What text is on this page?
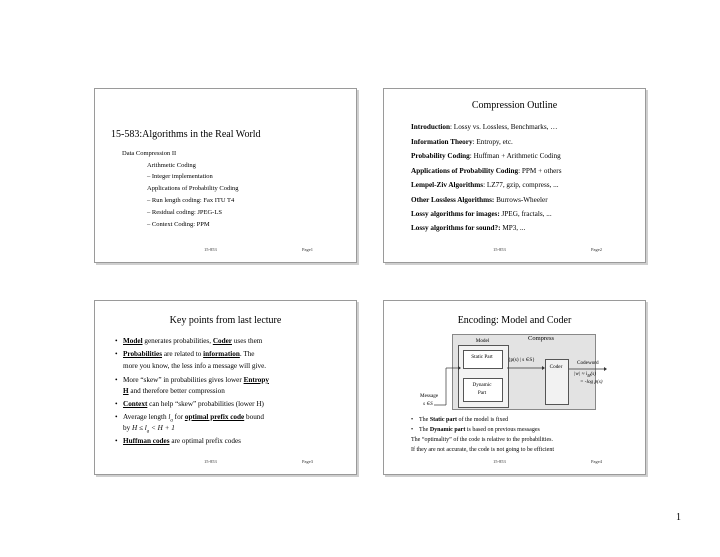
15-583:Algorithms in the Real World
Data Compression II
Arithmetic Coding
– Integer implementation
Applications of Probability Coding
– Run length coding: Fax ITU T4
– Residual coding: JPEG-LS
– Context Coding: PPM
15-853	Page1
Compression Outline
Introduction: Lossy vs. Lossless, Benchmarks, …
Information Theory: Entropy, etc.
Probability Coding: Huffman + Arithmetic Coding
Applications of Probability Coding: PPM + others
Lempel-Ziv Algorithms: LZ77, gzip, compress, ...
Other Lossless Algorithms: Burrows-Wheeler
Lossy algorithms for images: JPEG, fractals, ...
Lossy algorithms for sound?: MP3, ...
15-853	Page2
Key points from last lecture
• Model generates probabilities, Coder uses them
• Probabilities are related to information. The
more you know, the less info a message will give.
• More “skew” in probabilities gives lower Entropy
H and therefore better compression
• Context can help “skew” probabilities (lower H)
• Average length $l_a$ for optimal prefix code bound
by $H \le l_a < H + 1$
• Huffman codes are optimal prefix codes
15-853	Page3
Encoding: Model and Coder
Compress
Model
Static Part
Dynamic
Part
{p(s) | s ∈S}
Coder
Codeword
$|w| \approx i_M(s)$
= -log p(s)
Message
s ∈S
• The Static part of the model is fixed
• The Dynamic part is based on previous messages
The “optimality” of the code is relative to the probabilities.
If they are not accurate, the code is not going to be efficient
15-853	Page4
1
